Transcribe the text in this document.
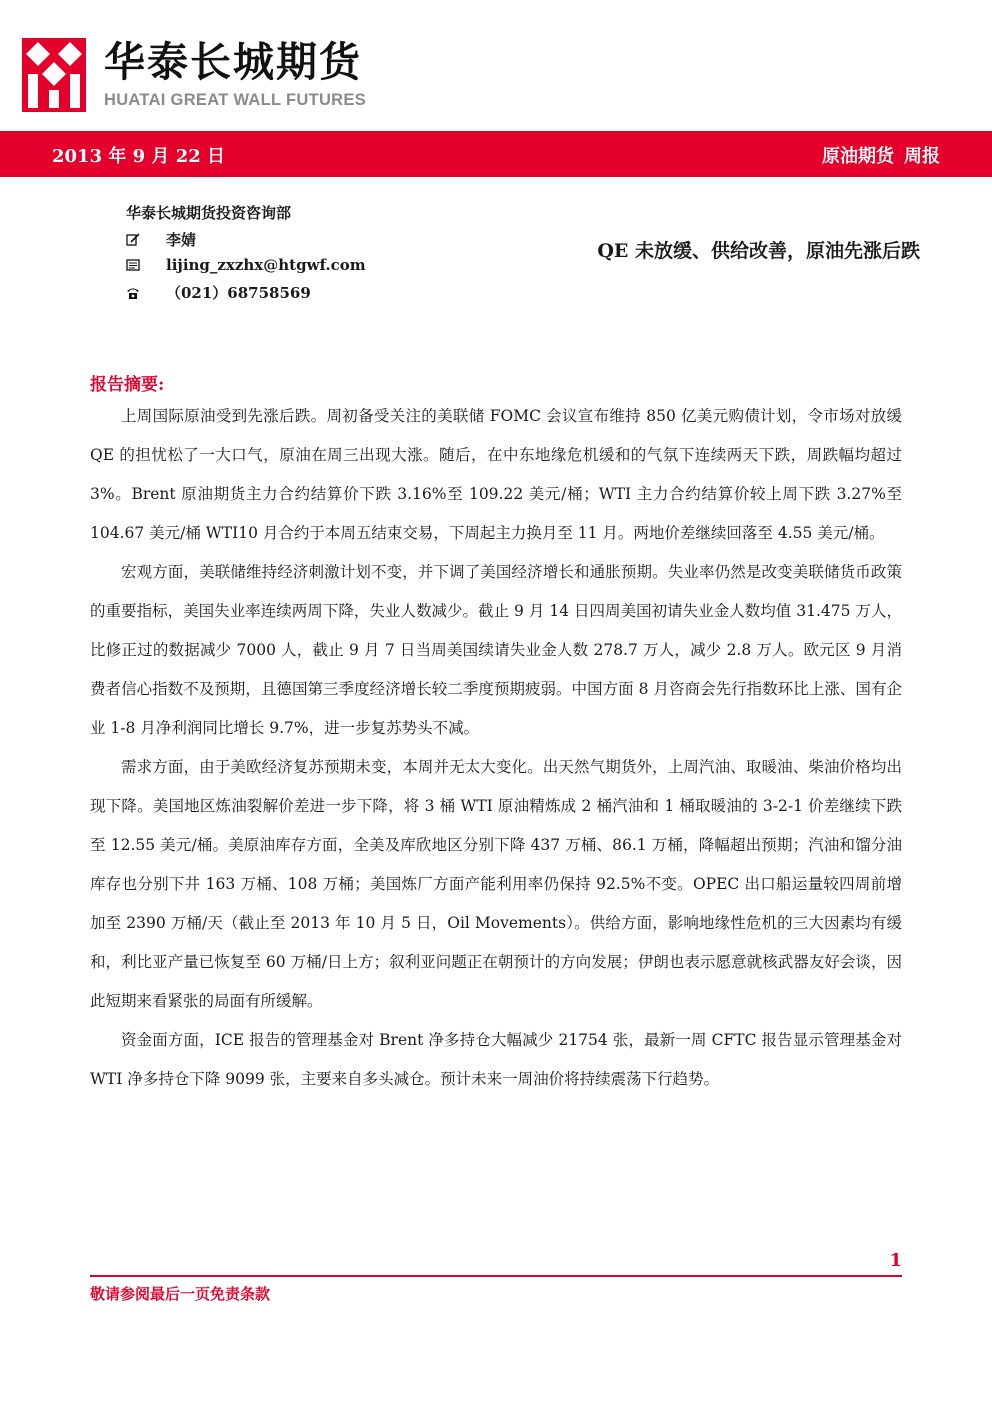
华泰长城期货
HUATAI GREAT WALL FUTURES
2013 年 9 月 22 日	原油期货 周报
华泰长城期货投资咨询部
李婧
lijing_zxzhx@htgwf.com
（021）68758569
QE 未放缓、供给改善，原油先涨后跌
报告摘要:

上周国际原油受到先涨后跌。周初备受关注的美联储 FOMC 会议宣布维持 850 亿美元购债计划，令市场对放缓 QE 的担忧松了一大口气，原油在周三出现大涨。随后，在中东地缘危机缓和的气氛下连续两天下跌，周跌幅均超过 3%。Brent 原油期货主力合约结算价下跌 3.16%至 109.22 美元/桶；WTI 主力合约结算价较上周下跌 3.27%至 104.67 美元/桶 WTI10 月合约于本周五结束交易，下周起主力换月至 11 月。两地价差继续回落至 4.55 美元/桶。

宏观方面，美联储维持经济刺激计划不变，并下调了美国经济增长和通胀预期。失业率仍然是改变美联储货币政策的重要指标，美国失业率连续两周下降，失业人数减少。截止 9 月 14 日四周美国初请失业金人数均值 31.475 万人，比修正过的数据减少 7000 人，截止 9 月 7 日当周美国续请失业金人数 278.7 万人，减少 2.8 万人。欧元区 9 月消费者信心指数不及预期，且德国第三季度经济增长较二季度预期疲弱。中国方面 8 月咨商会先行指数环比上涨、国有企业 1-8 月净利润同比增长 9.7%，进一步复苏势头不减。

需求方面，由于美欧经济复苏预期未变，本周并无太大变化。出天然气期货外，上周汽油、取暖油、柴油价格均出现下降。美国地区炼油裂解价差进一步下降，将 3 桶 WTI 原油精炼成 2 桶汽油和 1 桶取暖油的 3-2-1 价差继续下跌至 12.55 美元/桶。美原油库存方面，全美及库欣地区分别下降 437 万桶、86.1 万桶，降幅超出预期；汽油和馏分油库存也分别下井 163 万桶、108 万桶；美国炼厂方面产能利用率仍保持 92.5%不变。OPEC 出口船运量较四周前增加至 2390 万桶/天（截止至 2013 年 10 月 5 日，Oil Movements）。供给方面，影响地缘性危机的三大因素均有缓和，利比亚产量已恢复至 60 万桶/日上方；叙利亚问题正在朝预计的方向发展；伊朗也表示愿意就核武器友好会谈，因此短期来看紧张的局面有所缓解。

资金面方面，ICE 报告的管理基金对 Brent 净多持仓大幅减少 21754 张，最新一周 CFTC 报告显示管理基金对 WTI 净多持仓下降 9099 张，主要来自多头减仓。预计未来一周油价将持续震荡下行趋势。

1
敬请参阅最后一页免责条款
